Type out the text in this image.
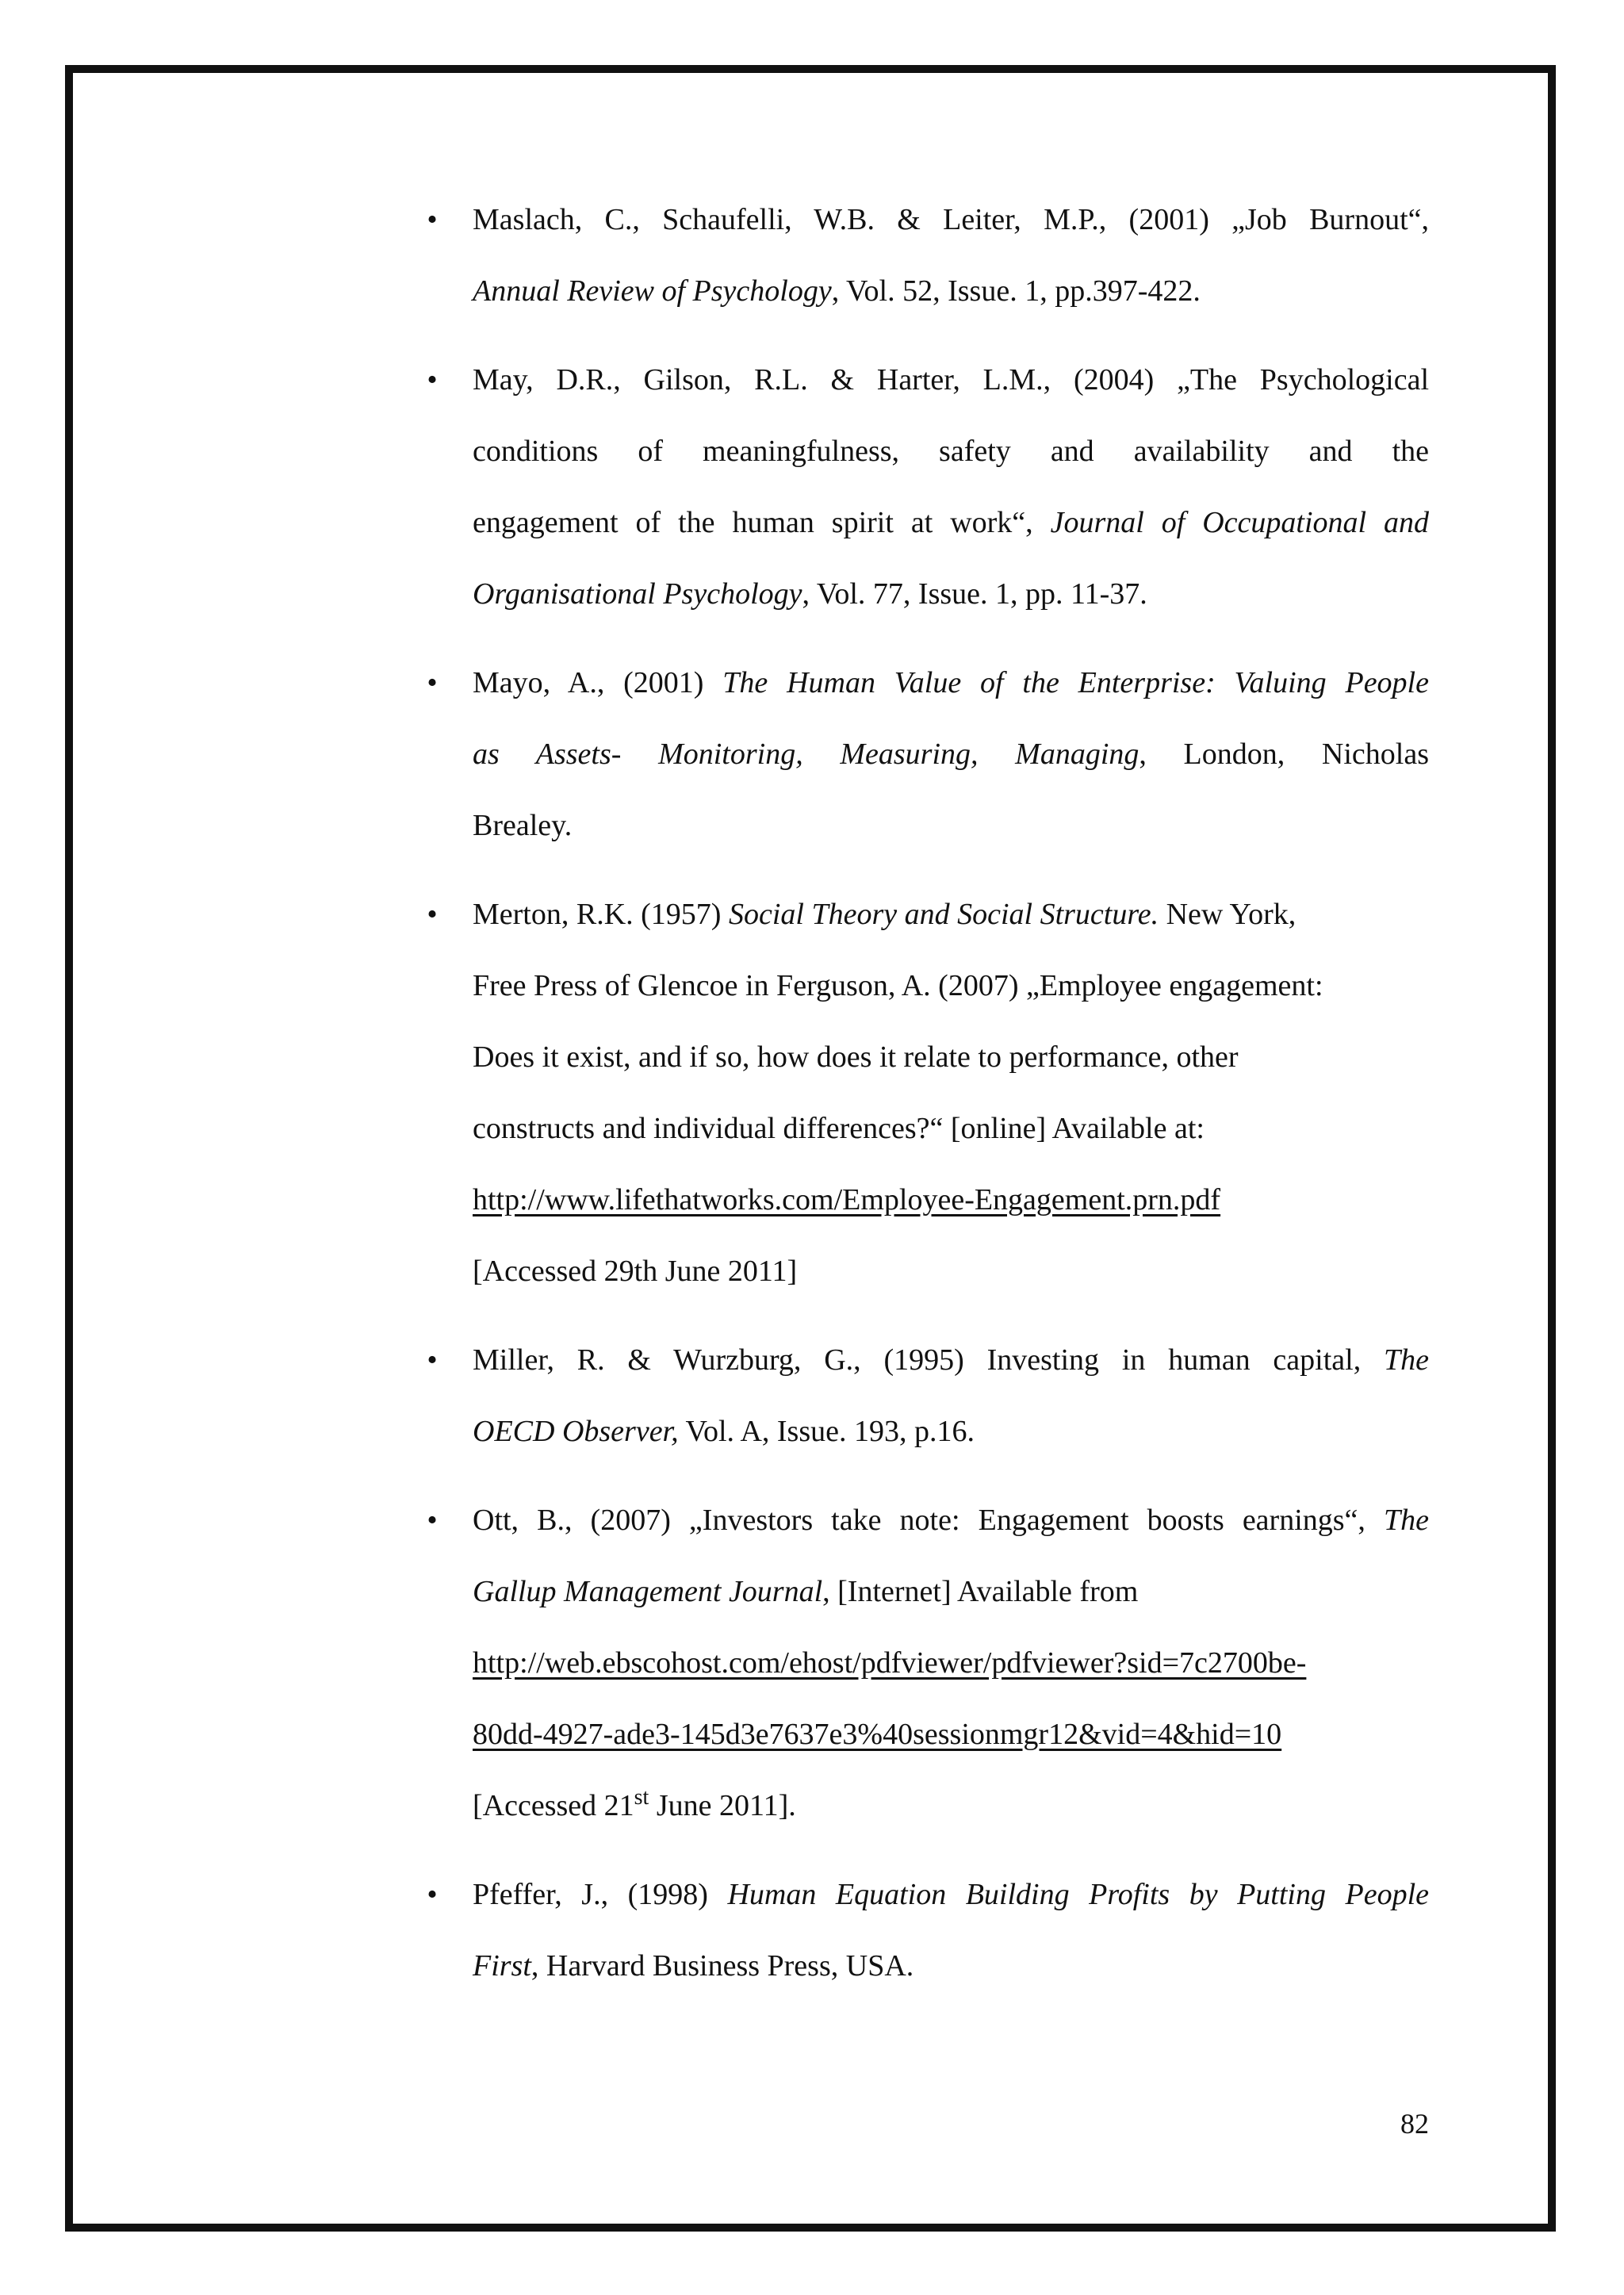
• Maslach, C., Schaufelli, W.B. & Leiter, M.P., (2001) „Job Burnout“,
Annual Review of Psychology, Vol. 52, Issue. 1, pp.397-422.
• May, D.R., Gilson, R.L. & Harter, L.M., (2004) „The Psychological
conditions of meaningfulness, safety and availability and the
engagement of the human spirit at work“, Journal of Occupational and
Organisational Psychology, Vol. 77, Issue. 1, pp. 11-37.
• Mayo, A., (2001) The Human Value of the Enterprise: Valuing People
as Assets- Monitoring, Measuring, Managing, London, Nicholas
Brealey.
• Merton, R.K. (1957) Social Theory and Social Structure. New York,
Free Press of Glencoe in Ferguson, A. (2007) „Employee engagement:
Does it exist, and if so, how does it relate to performance, other
constructs and individual differences?“ [online] Available at:
http://www.lifethatworks.com/Employee-Engagement.prn.pdf
[Accessed 29th June 2011]
• Miller, R. & Wurzburg, G., (1995) Investing in human capital, The
OECD Observer, Vol. A, Issue. 193, p.16.
• Ott, B., (2007) „Investors take note: Engagement boosts earnings“, The
Gallup Management Journal, [Internet] Available from
http://web.ebscohost.com/ehost/pdfviewer/pdfviewer?sid=7c2700be-
80dd-4927-ade3-145d3e7637e3%40sessionmgr12&vid=4&hid=10
[Accessed 21st June 2011].
• Pfeffer, J., (1998) Human Equation Building Profits by Putting People
First, Harvard Business Press, USA.
82
